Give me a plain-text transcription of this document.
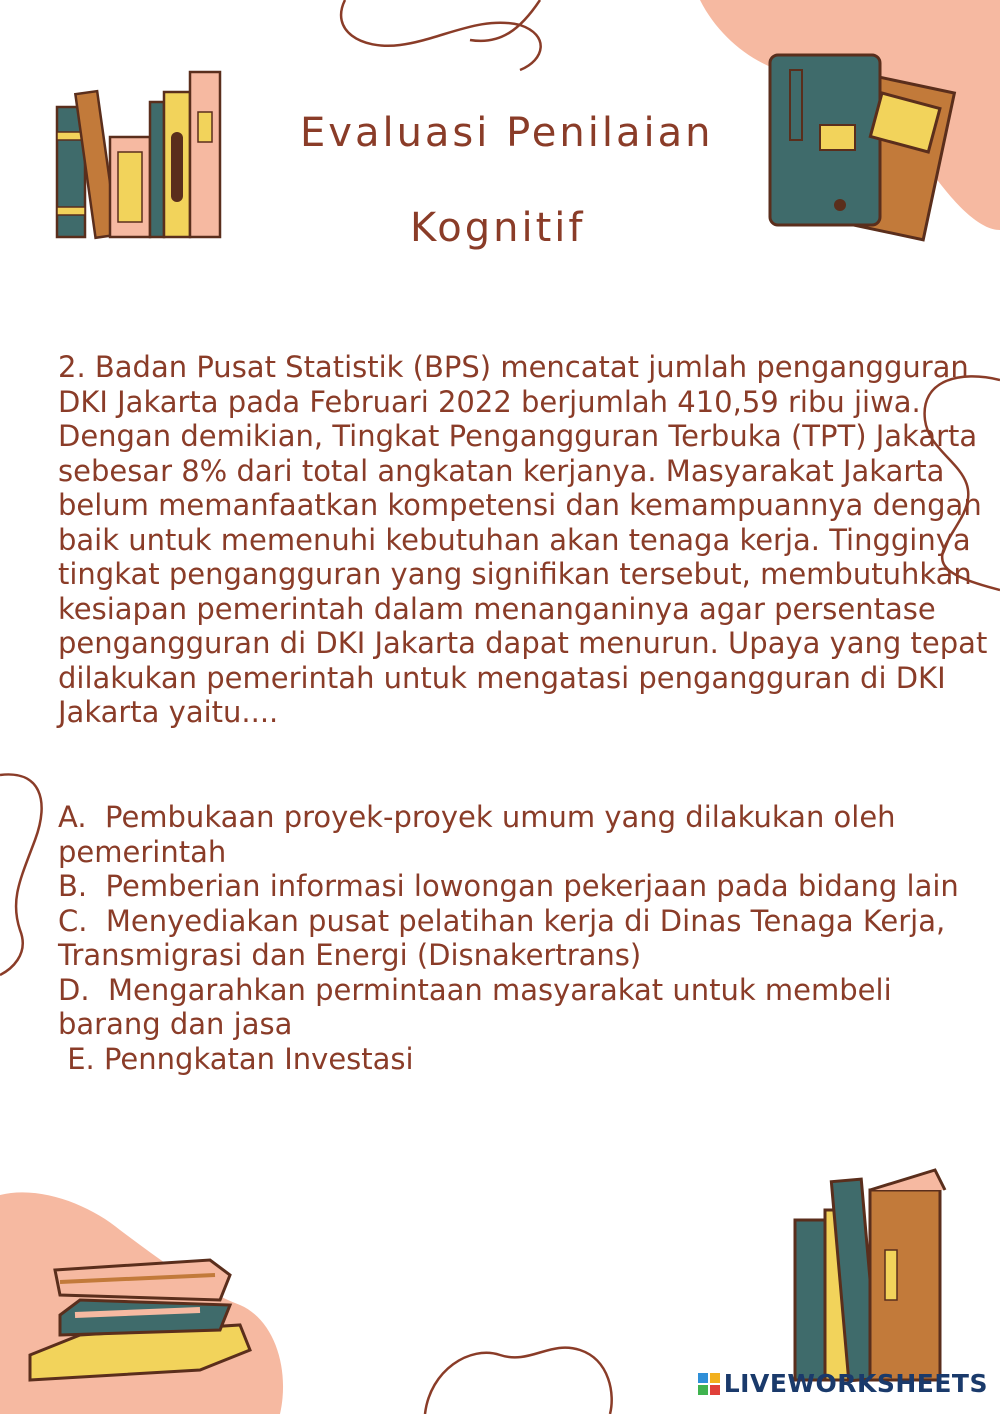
Evaluasi Penilaian
Kognitif
2. Badan Pusat Statistik (BPS) mencatat jumlah pengangguran DKI Jakarta pada Februari 2022 berjumlah 410,59 ribu jiwa. Dengan demikian, Tingkat Pengangguran Terbuka (TPT) Jakarta sebesar 8% dari total angkatan kerjanya. Masyarakat Jakarta belum memanfaatkan kompetensi dan kemampuannya dengan baik untuk memenuhi kebutuhan akan tenaga kerja. Tingginya tingkat pengangguran yang signifikan tersebut, membutuhkan kesiapan pemerintah dalam menanganinya agar persentase pengangguran di DKI Jakarta dapat menurun. Upaya yang tepat dilakukan pemerintah untuk mengatasi pengangguran di DKI Jakarta yaitu....

A.  Pembukaan proyek-proyek umum yang dilakukan oleh pemerintah

B.  Pemberian informasi lowongan pekerjaan pada bidang lain

C.  Menyediakan pusat pelatihan kerja di Dinas Tenaga Kerja, Transmigrasi dan Energi (Disnakertrans)

D.  Mengarahkan permintaan masyarakat untuk membeli barang dan jasa

E. Penngkatan Investasi

LIVEWORKSHEETS
